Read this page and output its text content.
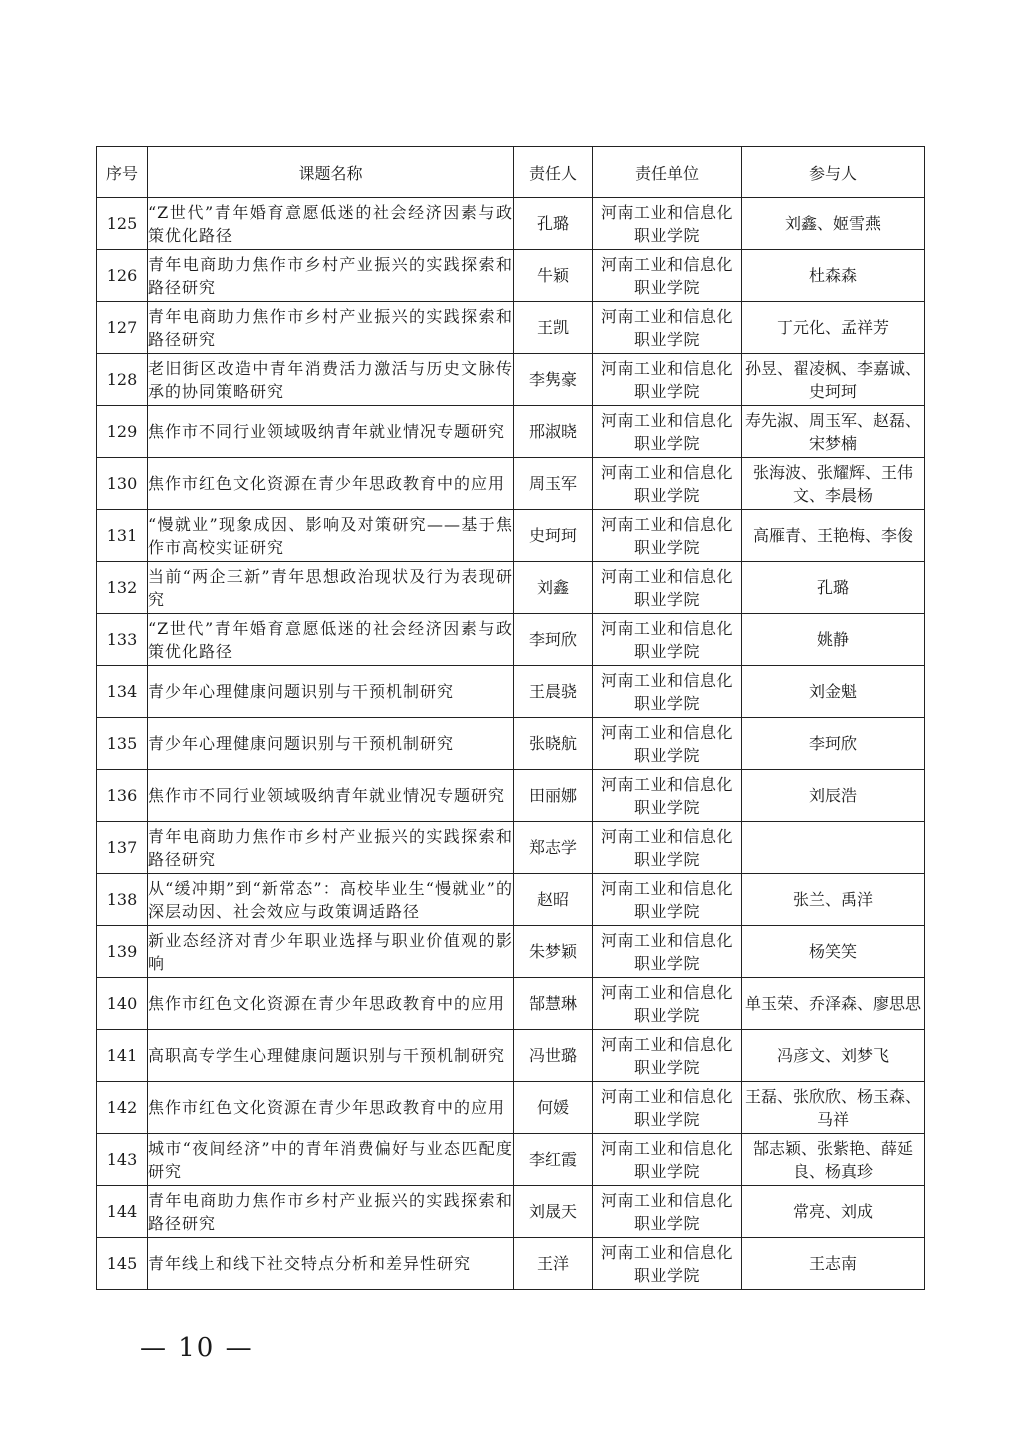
序号	课题名称	责任人	责任单位	参与人
125	“Z世代”青年婚育意愿低迷的社会经济因素与政策优化路径	孔璐	河南工业和信息化职业学院	刘鑫、姬雪燕
126	青年电商助力焦作市乡村产业振兴的实践探索和路径研究	牛颖	河南工业和信息化职业学院	杜森森
127	青年电商助力焦作市乡村产业振兴的实践探索和路径研究	王凯	河南工业和信息化职业学院	丁元化、孟祥芳
128	老旧街区改造中青年消费活力激活与历史文脉传承的协同策略研究	李隽豪	河南工业和信息化职业学院	孙昱、翟凌枫、李嘉诚、史珂珂
129	焦作市不同行业领域吸纳青年就业情况专题研究	邢淑晓	河南工业和信息化职业学院	寿先淑、周玉军、赵磊、宋梦楠
130	焦作市红色文化资源在青少年思政教育中的应用	周玉军	河南工业和信息化职业学院	张海波、张耀辉、王伟文、李晨杨
131	“慢就业”现象成因、影响及对策研究——基于焦作市高校实证研究	史珂珂	河南工业和信息化职业学院	高雁青、王艳梅、李俊
132	当前“两企三新”青年思想政治现状及行为表现研究	刘鑫	河南工业和信息化职业学院	孔璐
133	“Z世代”青年婚育意愿低迷的社会经济因素与政策优化路径	李珂欣	河南工业和信息化职业学院	姚静
134	青少年心理健康问题识别与干预机制研究	王晨骁	河南工业和信息化职业学院	刘金魁
135	青少年心理健康问题识别与干预机制研究	张晓航	河南工业和信息化职业学院	李珂欣
136	焦作市不同行业领域吸纳青年就业情况专题研究	田丽娜	河南工业和信息化职业学院	刘辰浩
137	青年电商助力焦作市乡村产业振兴的实践探索和路径研究	郑志学	河南工业和信息化职业学院	
138	从“缓冲期”到“新常态”：高校毕业生“慢就业”的深层动因、社会效应与政策调适路径	赵昭	河南工业和信息化职业学院	张兰、禹洋
139	新业态经济对青少年职业选择与职业价值观的影响	朱梦颖	河南工业和信息化职业学院	杨笑笑
140	焦作市红色文化资源在青少年思政教育中的应用	郜慧琳	河南工业和信息化职业学院	单玉荣、乔泽森、廖思思
141	高职高专学生心理健康问题识别与干预机制研究	冯世璐	河南工业和信息化职业学院	冯彦文、刘梦飞
142	焦作市红色文化资源在青少年思政教育中的应用	何媛	河南工业和信息化职业学院	王磊、张欣欣、杨玉森、马祥
143	城市“夜间经济”中的青年消费偏好与业态匹配度研究	李红霞	河南工业和信息化职业学院	郜志颖、张紫艳、薛延良、杨真珍
144	青年电商助力焦作市乡村产业振兴的实践探索和路径研究	刘晟天	河南工业和信息化职业学院	常亮、刘成
145	青年线上和线下社交特点分析和差异性研究	王洋	河南工业和信息化职业学院	王志南
— 10 —
